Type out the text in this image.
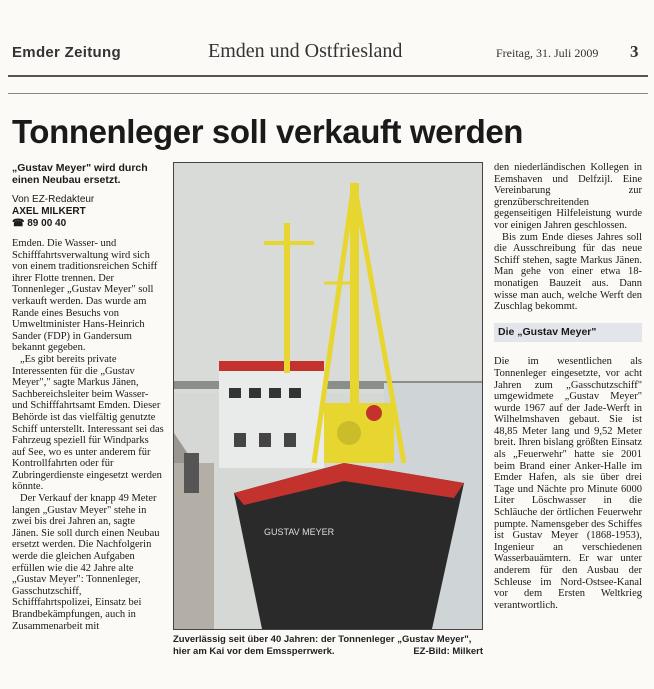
Emder Zeitung	Emden und Ostfriesland	Freitag, 31. Juli 2009 3
Tonnenleger soll verkauft werden
„Gustav Meyer" wird durch einen Neubau ersetzt.
Von EZ-Redakteur
AXEL MILKERT
☎ 89 00 40

Emden. Die Wasser- und Schifffahrtsverwaltung wird sich von einem traditionsreichen Schiff ihrer Flotte trennen. Der Tonnenleger „Gustav Meyer" soll verkauft werden. Das wurde am Rande eines Besuchs von Umweltminister Hans-Heinrich Sander (FDP) in Gandersum bekannt gegeben.

„Es gibt bereits private Interessenten für die „Gustav Meyer"," sagte Markus Jänen, Sachbereichsleiter beim Wasser- und Schifffahrtsamt Emden. Dieser Behörde ist das vielfältig genutzte Schiff unterstellt. Interessant sei das Fahrzeug speziell für Windparks auf See, wo es unter anderem für Kontrollfahrten oder für Zubringerdienste eingesetzt werden könnte.

Der Verkauf der knapp 49 Meter langen „Gustav Meyer" stehe in zwei bis drei Jahren an, sagte Jänen. Sie soll durch einen Neubau ersetzt werden. Die Nachfolgerin werde die gleichen Aufgaben erfüllen wie die 42 Jahre alte „Gustav Meyer": Tonnenleger, Gasschutzschiff, Schifffahrtspolizei, Einsatz bei Brandbekämpfungen, auch in Zusammenarbeit mit

GUSTAV MEYER
Zuverlässig seit über 40 Jahren: der Tonnenleger „Gustav Meyer", hier am Kai vor dem Emssperrwerk.	EZ-Bild: Milkert

den niederländischen Kollegen in Eemshaven und Delfzijl. Eine Vereinbarung zur grenzüberschreitenden gegenseitigen Hilfeleistung wurde vor einigen Jahren geschlossen.

Bis zum Ende dieses Jahres soll die Ausschreibung für das neue Schiff stehen, sagte Markus Jänen. Man gehe von einer etwa 18-monatigen Bauzeit aus. Dann wisse man auch, welche Werft den Zuschlag bekommt.

Die „Gustav Meyer"

Die im wesentlichen als Tonnenleger eingesetzte, vor acht Jahren zum „Gasschutzschiff" umgewidmete „Gustav Meyer" wurde 1967 auf der Jade-Werft in Wilhelmshaven gebaut. Sie ist 48,85 Meter lang und 9,52 Meter breit. Ihren bislang größten Einsatz als „Feuerwehr" hatte sie 2001 beim Brand einer Anker-Halle im Emder Hafen, als sie über drei Tage und Nächte pro Minute 6000 Liter Löschwasser in die Schläuche der örtlichen Feuerwehr pumpte. Namensgeber des Schiffes ist Gustav Meyer (1868-1953), Ingenieur an verschiedenen Wasserbauämtern. Er war unter anderem für den Ausbau der Schleuse im Nord-Ostsee-Kanal vor dem Ersten Weltkrieg verantwortlich.
